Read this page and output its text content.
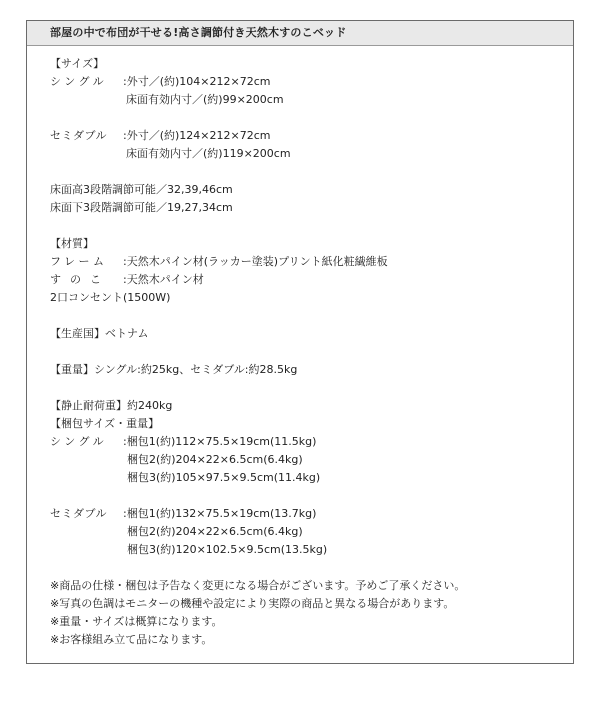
部屋の中で布団が干せる!高さ調節付き天然木すのこベッド
【サイズ】
シングル :外寸／(約)104×212×72cm
床面有効内寸／(約)99×200cm
セミダブル :外寸／(約)124×212×72cm
床面有効内寸／(約)119×200cm
床面高3段階調節可能／32,39,46cm
床面下3段階調節可能／19,27,34cm
【材質】
フレーム :天然木パイン材(ラッカー塗装)プリント紙化粧繊維板
すのこ :天然木パイン材
2口コンセント(1500W)
【生産国】ベトナム
【重量】シングル:約25kg、セミダブル:約28.5kg
【静止耐荷重】約240kg
【梱包サイズ・重量】
シングル :梱包1(約)112×75.5×19cm(11.5kg)
梱包2(約)204×22×6.5cm(6.4kg)
梱包3(約)105×97.5×9.5cm(11.4kg)
セミダブル :梱包1(約)132×75.5×19cm(13.7kg)
梱包2(約)204×22×6.5cm(6.4kg)
梱包3(約)120×102.5×9.5cm(13.5kg)
※商品の仕様・梱包は予告なく変更になる場合がございます。予めご了承ください。
※写真の色調はモニターの機種や設定により実際の商品と異なる場合があります。
※重量・サイズは概算になります。
※お客様組み立て品になります。
